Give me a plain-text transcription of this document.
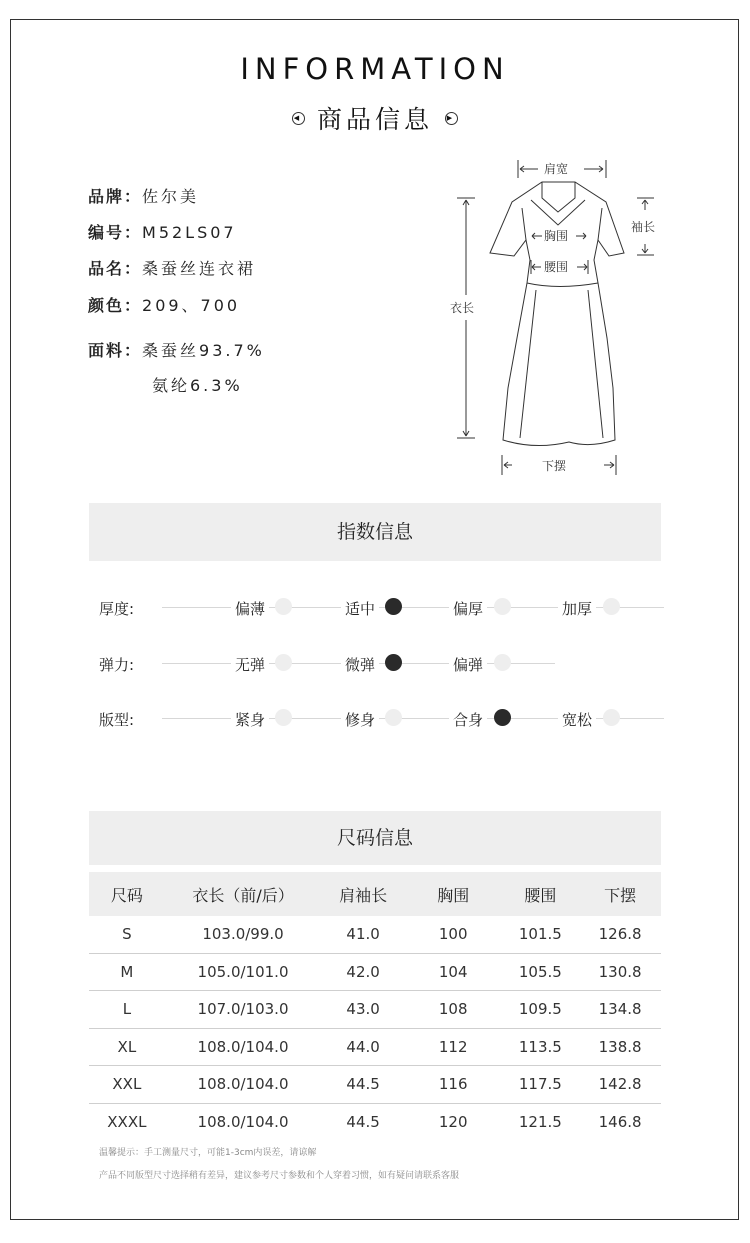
INFORMATION
◀ 商品信息 ▶
品牌：佐尔美
编号：M52LS07
品名：桑蚕丝连衣裙
颜色：209、700
面料：桑蚕丝93.7%
氨纶6.3%
肩宽
袖长
胸围
腰围
衣长
下摆
指数信息
厚度:	偏薄	适中	偏厚	加厚
弹力:	无弹	微弹	偏弹
版型:	紧身	修身	合身	宽松
尺码信息
尺码	衣长（前/后）	肩袖长	胸围	腰围	下摆
S	103.0/99.0	41.0	100	101.5	126.8
M	105.0/101.0	42.0	104	105.5	130.8
L	107.0/103.0	43.0	108	109.5	134.8
XL	108.0/104.0	44.0	112	113.5	138.8
XXL	108.0/104.0	44.5	116	117.5	142.8
XXXL	108.0/104.0	44.5	120	121.5	146.8
温馨提示：手工测量尺寸，可能1-3cm内误差，请谅解
产品不同版型尺寸选择稍有差异，建议参考尺寸参数和个人穿着习惯，如有疑问请联系客服
